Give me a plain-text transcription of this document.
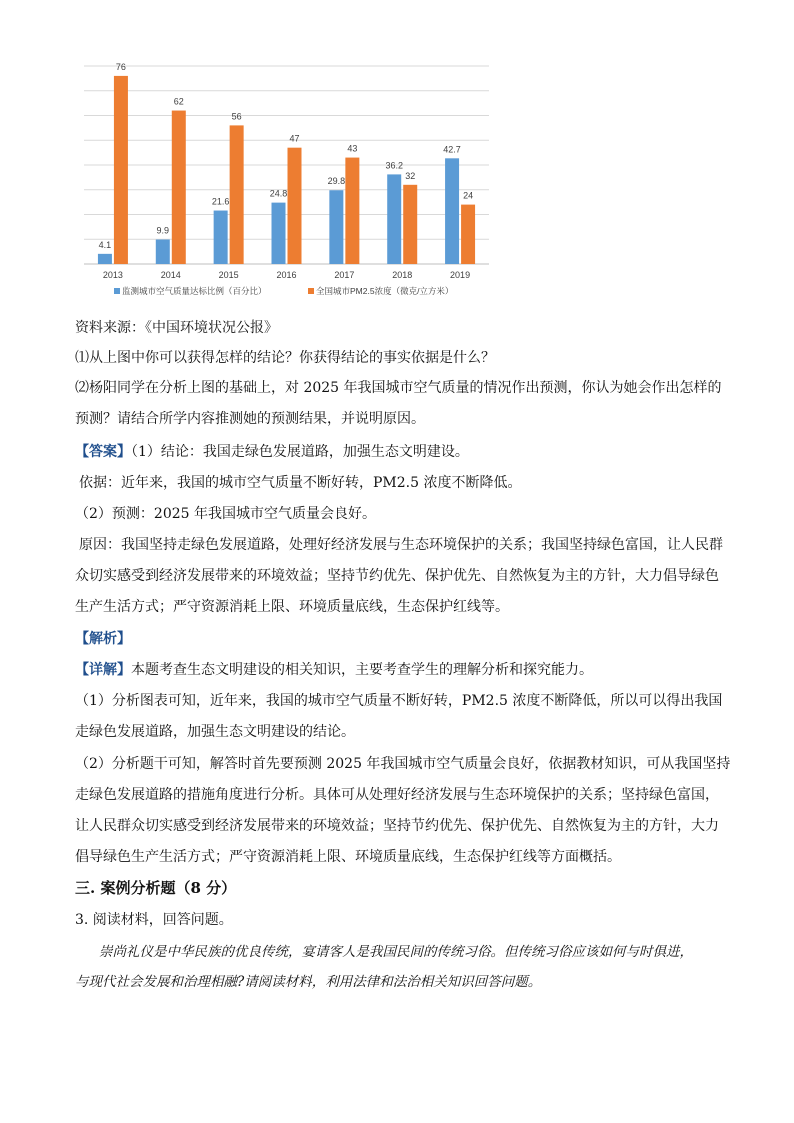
4.1
76
2013
9.9
62
2014
21.6
56
2015
24.8
47
2016
29.8
43
2017
36.2
32
2018
42.7
24
2019
监测城市空气质量达标比例（百分比）	全国城市PM2.5浓度（微克/立方米）
资料来源：《中国环境状况公报》
⑴从上图中你可以获得怎样的结论？你获得结论的事实依据是什么？
⑵杨阳同学在分析上图的基础上，对 2025 年我国城市空气质量的情况作出预测，你认为她会作出怎样的
预测？请结合所学内容推测她的预测结果，并说明原因。
【答案】（1）结论：我国走绿色发展道路，加强生态文明建设。
依据：近年来，我国的城市空气质量不断好转，PM2.5 浓度不断降低。
（2）预测：2025 年我国城市空气质量会良好。
原因：我国坚持走绿色发展道路，处理好经济发展与生态环境保护的关系；我国坚持绿色富国，让人民群
众切实感受到经济发展带来的环境效益；坚持节约优先、保护优先、自然恢复为主的方针，大力倡导绿色
生产生活方式；严守资源消耗上限、环境质量底线，生态保护红线等。
【解析】
【详解】本题考查生态文明建设的相关知识，主要考查学生的理解分析和探究能力。
（1）分析图表可知，近年来，我国的城市空气质量不断好转，PM2.5 浓度不断降低，所以可以得出我国
走绿色发展道路，加强生态文明建设的结论。
（2）分析题干可知，解答时首先要预测 2025 年我国城市空气质量会良好，依据教材知识，可从我国坚持
走绿色发展道路的措施角度进行分析。具体可从处理好经济发展与生态环境保护的关系；坚持绿色富国，
让人民群众切实感受到经济发展带来的环境效益；坚持节约优先、保护优先、自然恢复为主的方针，大力
倡导绿色生产生活方式；严守资源消耗上限、环境质量底线，生态保护红线等方面概括。
三. 案例分析题（8 分）
3. 阅读材料，回答问题。
崇尚礼仪是中华民族的优良传统，宴请客人是我国民间的传统习俗。但传统习俗应该如何与时俱进，
与现代社会发展和治理相融?请阅读材料，利用法律和法治相关知识回答问题。
